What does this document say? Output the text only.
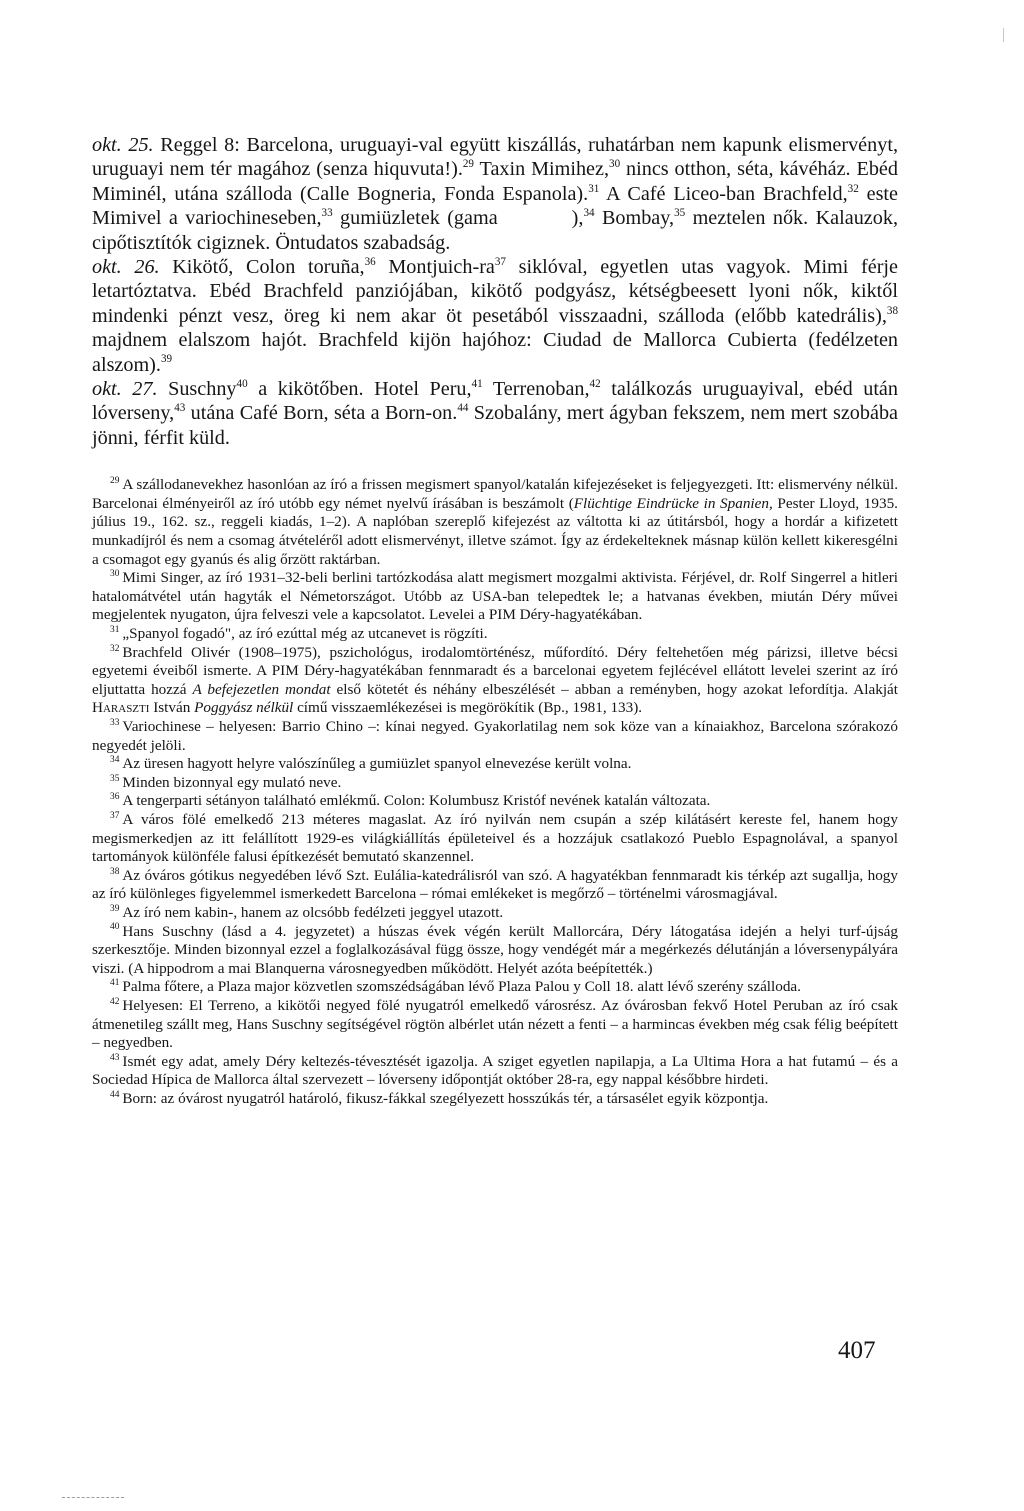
okt. 25. Reggel 8: Barcelona, uruguayi-val együtt kiszállás, ruhatárban nem kapunk elismervényt, uruguayi nem tér magához (senza hiquvuta!).$^{29}$ Taxin Mimihez,$^{30}$ nincs otthon, séta, kávéház. Ebéd Miminél, utána szálloda (Calle Bogneria, Fonda Espanola).$^{31}$ A Café Liceo-ban Brachfeld,$^{32}$ este Mimivel a variochineseben,$^{33}$ gumiüzletek (gama          ),$^{34}$ Bombay,$^{35}$ meztelen nők. Kalauzok, cipőtisztítók cigiznek. Öntudatos szabadság.

okt. 26. Kikötő, Colon toruña,$^{36}$ Montjuich-$ra^{37}$ siklóval, egyetlen utas vagyok. Mimi férje letartóztatva. Ebéd Brachfeld panziójában, kikötő podgyász, kétségbeesett lyoni nők, kiktől mindenki pénzt vesz, öreg ki nem akar öt pesetából visszaadni, szálloda (előbb katedrális),$^{38}$ majdnem elalszom hajót. Brachfeld kijön hajóhoz: Ciudad de Mallorca Cubierta (fedélzeten alszom).$^{39}$

okt. 27. Suschny$^{40}$ a kikötőben. Hotel Peru,$^{41}$ Terrenoban,$^{42}$ találkozás uruguayival, ebéd után lóverseny,$^{43}$ utána Café Born, séta a Born-on.$^{44}$ Szobalány, mert ágyban fekszem, nem mert szobába jönni, férfit küld.

$^{29}$ A szállodanevekhez hasonlóan az író a frissen megismert spanyol/katalán kifejezéseket is feljegyezgeti. Itt: elismervény nélkül. Barcelonai élményeiről az író utóbb egy német nyelvű írásában is beszámolt (Flüchtige Eindrücke in Spanien, Pester Lloyd, 1935. július 19., 162. sz., reggeli kiadás, 1–2). A naplóban szereplő kifejezést az váltotta ki az útitársból, hogy a hordár a kifizetett munkadíjról és nem a csomag átvételéről adott elismervényt, illetve számot. Így az érdekelteknek másnap külön kellett kikeresgélni a csomagot egy gyanús és alig őrzött raktárban.

$^{30}$ Mimi Singer, az író 1931–32-beli berlini tartózkodása alatt megismert mozgalmi aktivista. Férjével, dr. Rolf Singerrel a hitleri hatalomátvétel után hagyták el Németországot. Utóbb az USA-ban telepedtek le; a hatvanas években, miután Déry művei megjelentek nyugaton, újra felveszi vele a kapcsolatot. Levelei a PIM Déry-hagyatékában.

$^{31}$ „Spanyol fogadó", az író ezúttal még az utcanevet is rögzíti.

$^{32}$ Brachfeld Olivér (1908–1975), pszichológus, irodalomtörténész, műfordító. Déry feltehetően még párizsi, illetve bécsi egyetemi éveiből ismerte. A PIM Déry-hagyatékában fennmaradt és a barcelonai egyetem fejlécével ellátott levelei szerint az író eljuttatta hozzá A befejezetlen mondat első kötetét és néhány elbeszélését – abban a reményben, hogy azokat lefordítja. Alakját Haraszti István Poggyász nélkül című visszaemlékezései is megörökítik (Bp., 1981, 133).

$^{33}$ Variochinese – helyesen: Barrio Chino –: kínai negyed. Gyakorlatilag nem sok köze van a kínaiakhoz, Barcelona szórakozó negyedét jelöli.

$^{34}$ Az üresen hagyott helyre valószínűleg a gumiüzlet spanyol elnevezése került volna.

$^{35}$ Minden bizonnyal egy mulató neve.

$^{36}$ A tengerparti sétányon található emlékmű. Colon: Kolumbusz Kristóf nevének katalán változata.

$^{37}$ A város fölé emelkedő 213 méteres magaslat. Az író nyilván nem csupán a szép kilátásért kereste fel, hanem hogy megismerkedjen az itt felállított 1929-es világkiállítás épületeivel és a hozzájuk csatlakozó Pueblo Espagnolával, a spanyol tartományok különféle falusi építkezését bemutató skanzennel.

$^{38}$ Az óváros gótikus negyedében lévő Szt. Eulália-katedrálisról van szó. A hagyatékban fennmaradt kis térkép azt sugallja, hogy az író különleges figyelemmel ismerkedett Barcelona – római emlékeket is megőrző – történelmi városmagjával.

$^{39}$ Az író nem kabin-, hanem az olcsóbb fedélzeti jeggyel utazott.

$^{40}$ Hans Suschny (lásd a 4. jegyzetet) a húszas évek végén került Mallorcára, Déry látogatása idején a helyi turf-újság szerkesztője. Minden bizonnyal ezzel a foglalkozásával függ össze, hogy vendégét már a megérkezés délutánján a lóversenypályára viszi. (A hippodrom a mai Blanquerna városnegyedben működött. Helyét azóta beépítették.)

$^{41}$ Palma főtere, a Plaza major közvetlen szomszédságában lévő Plaza Palou y Coll 18. alatt lévő szerény szálloda.

$^{42}$ Helyesen: El Terreno, a kikötői negyed fölé nyugatról emelkedő városrész. Az óvárosban fekvő Hotel Peruban az író csak átmenetileg szállt meg, Hans Suschny segítségével rögtön albérlet után nézett a fenti – a harmincas években még csak félig beépített – negyedben.

$^{43}$ Ismét egy adat, amely Déry keltezés-tévesztését igazolja. A sziget egyetlen napilapja, a La Ultima Hora a hat futamú – és a Sociedad Hípica de Mallorca által szervezett – lóverseny időpontját október 28-ra, egy nappal későbbre hirdeti.

$^{44}$ Born: az óvárost nyugatról határoló, fikusz-fákkal szegélyezett hosszúkás tér, a társasélet egyik központja.

407
